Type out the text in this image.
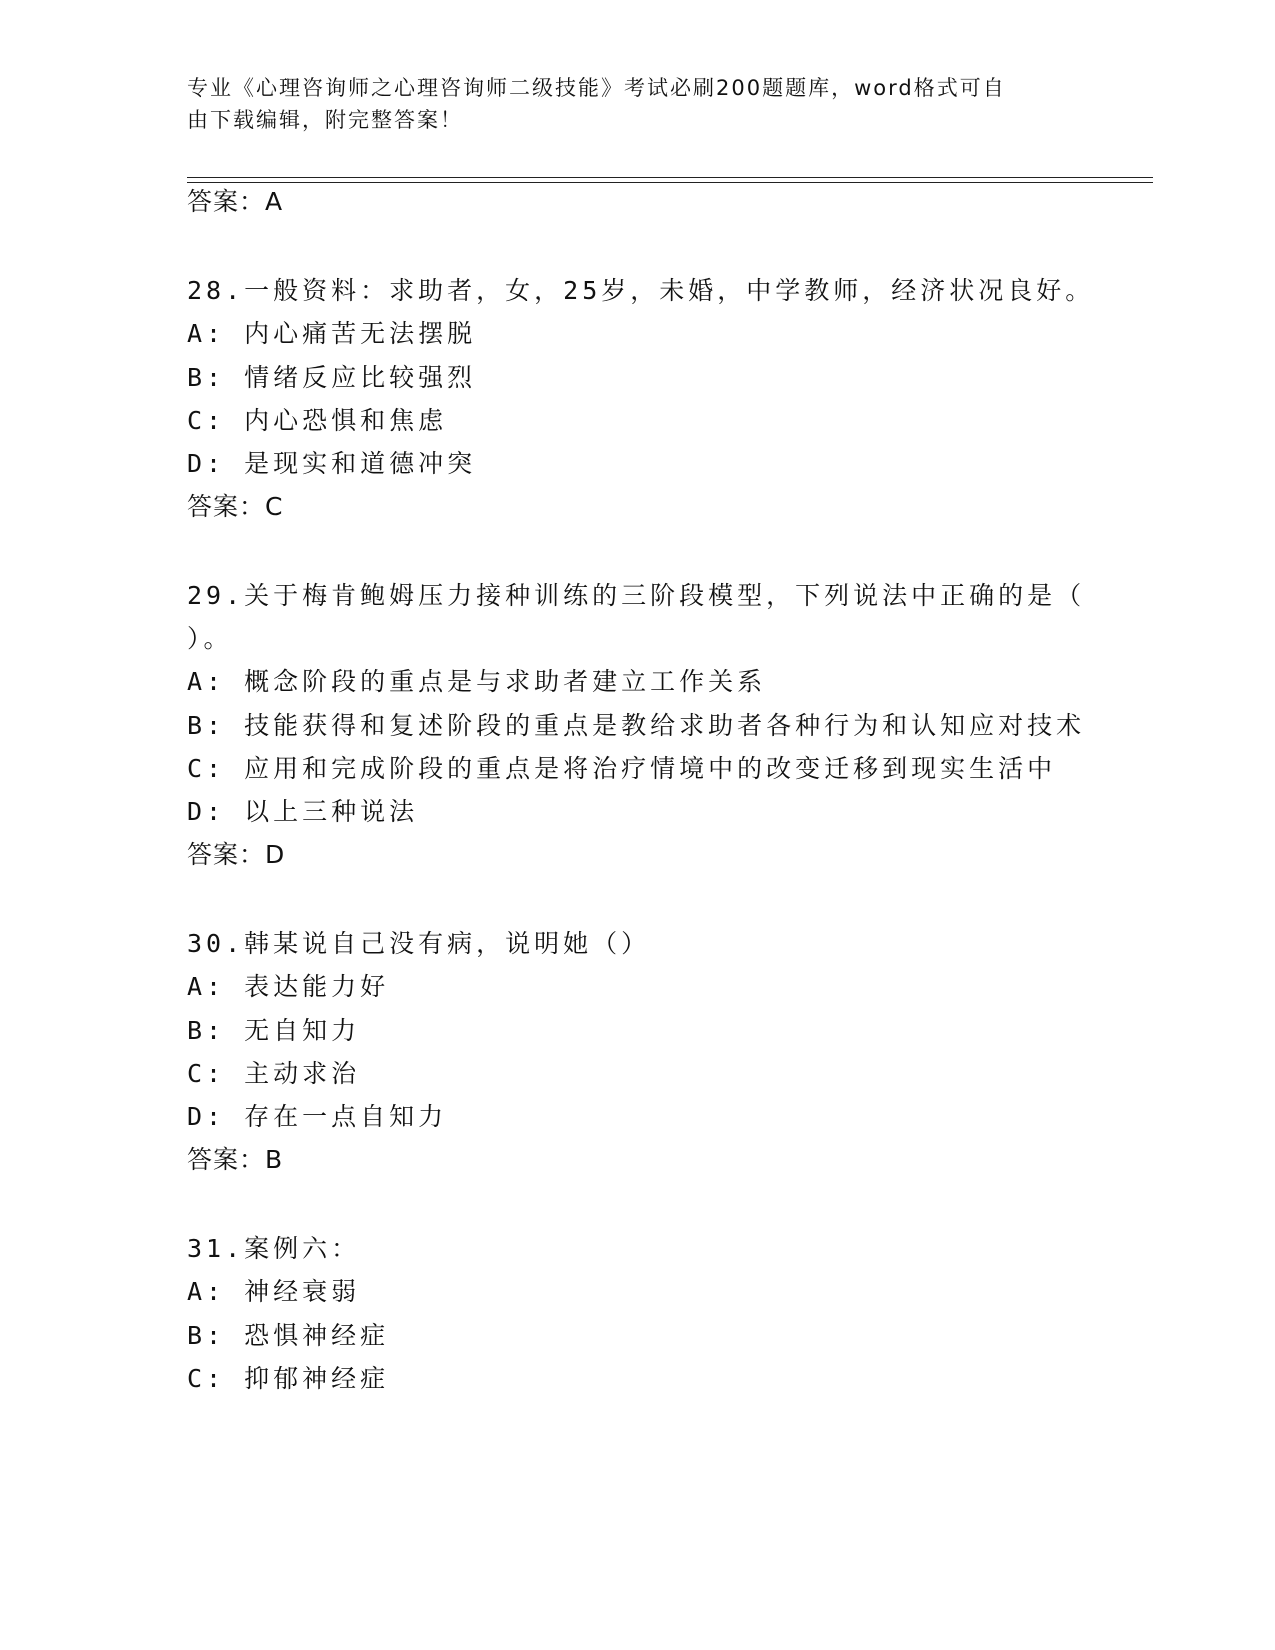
专业《心理咨询师之心理咨询师二级技能》考试必刷200题题库，word格式可自
由下载编辑，附完整答案！
答案：A
28.一般资料：求助者，女，25岁，未婚，中学教师，经济状况良好。
A: 内心痛苦无法摆脱
B: 情绪反应比较强烈
C: 内心恐惧和焦虑
D: 是现实和道德冲突
答案：C
29.关于梅肯鲍姆压力接种训练的三阶段模型，下列说法中正确的是（
）。
A: 概念阶段的重点是与求助者建立工作关系
B: 技能获得和复述阶段的重点是教给求助者各种行为和认知应对技术
C: 应用和完成阶段的重点是将治疗情境中的改变迁移到现实生活中
D: 以上三种说法
答案：D
30.韩某说自己没有病，说明她（）
A: 表达能力好
B: 无自知力
C: 主动求治
D: 存在一点自知力
答案：B
31.案例六：
A: 神经衰弱
B: 恐惧神经症
C: 抑郁神经症
